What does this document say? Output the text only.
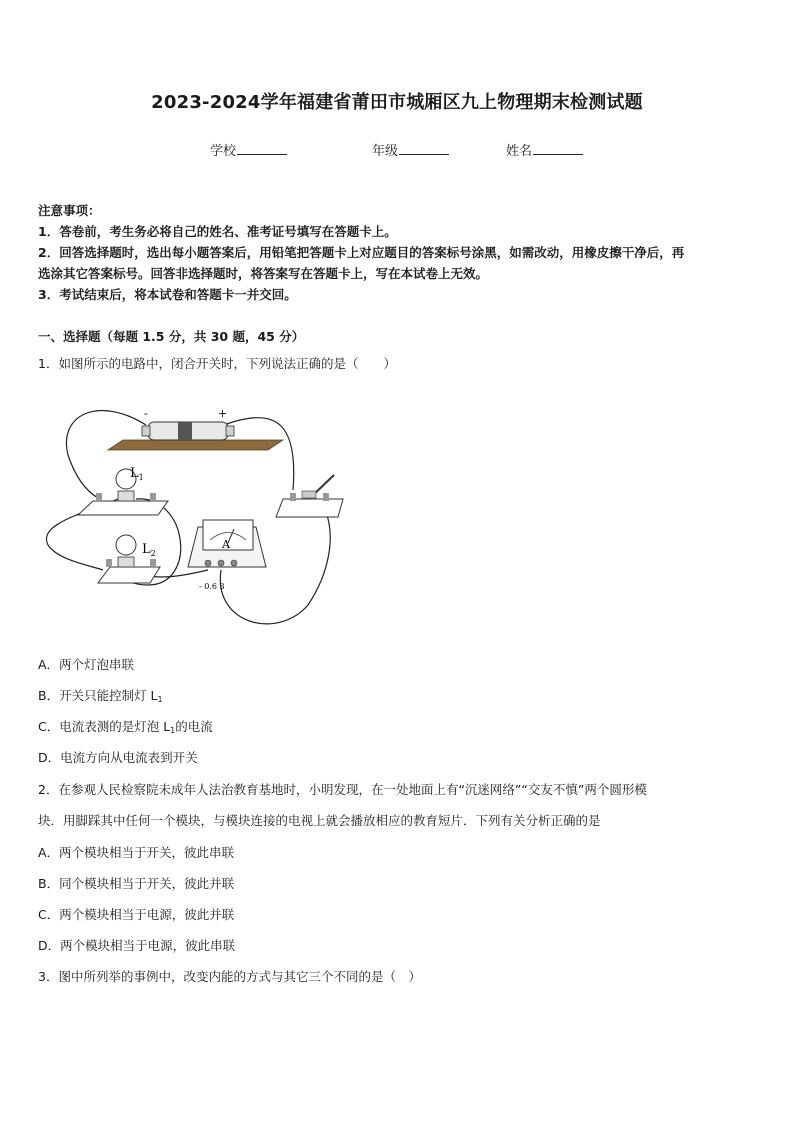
2023-2024学年福建省莆田市城厢区九上物理期末检测试题
学校	年级	姓名
注意事项：
1．答卷前，考生务必将自己的姓名、准考证号填写在答题卡上。
2．回答选择题时，选出每小题答案后，用铅笔把答题卡上对应题目的答案标号涂黑，如需改动，用橡皮擦干净后，再
选涂其它答案标号。回答非选择题时，将答案写在答题卡上，写在本试卷上无效。
3．考试结束后，将本试卷和答题卡一并交回。
一、选择题（每题 1.5 分，共 30 题，45 分）
1．如图所示的电路中，闭合开关时，下列说法正确的是（　　）
-	+
$L_1$
$L_2$
A
- 0.6 3
A．两个灯泡串联
B．开关只能控制灯 $L_1$
C．电流表测的是灯泡 $L_1$的电流
D．电流方向从电流表到开关
2．在参观人民检察院未成年人法治教育基地时，小明发现，在一处地面上有“沉迷网络”“交友不慎”两个圆形模
块．用脚踩其中任何一个模块，与模块连接的电视上就会播放相应的教育短片．下列有关分析正确的是
A．两个模块相当于开关，彼此串联
B．同个模块相当于开关，彼此并联
C．两个模块相当于电源，彼此并联
D．两个模块相当于电源，彼此串联
3．图中所列举的事例中，改变内能的方式与其它三个不同的是（　）
